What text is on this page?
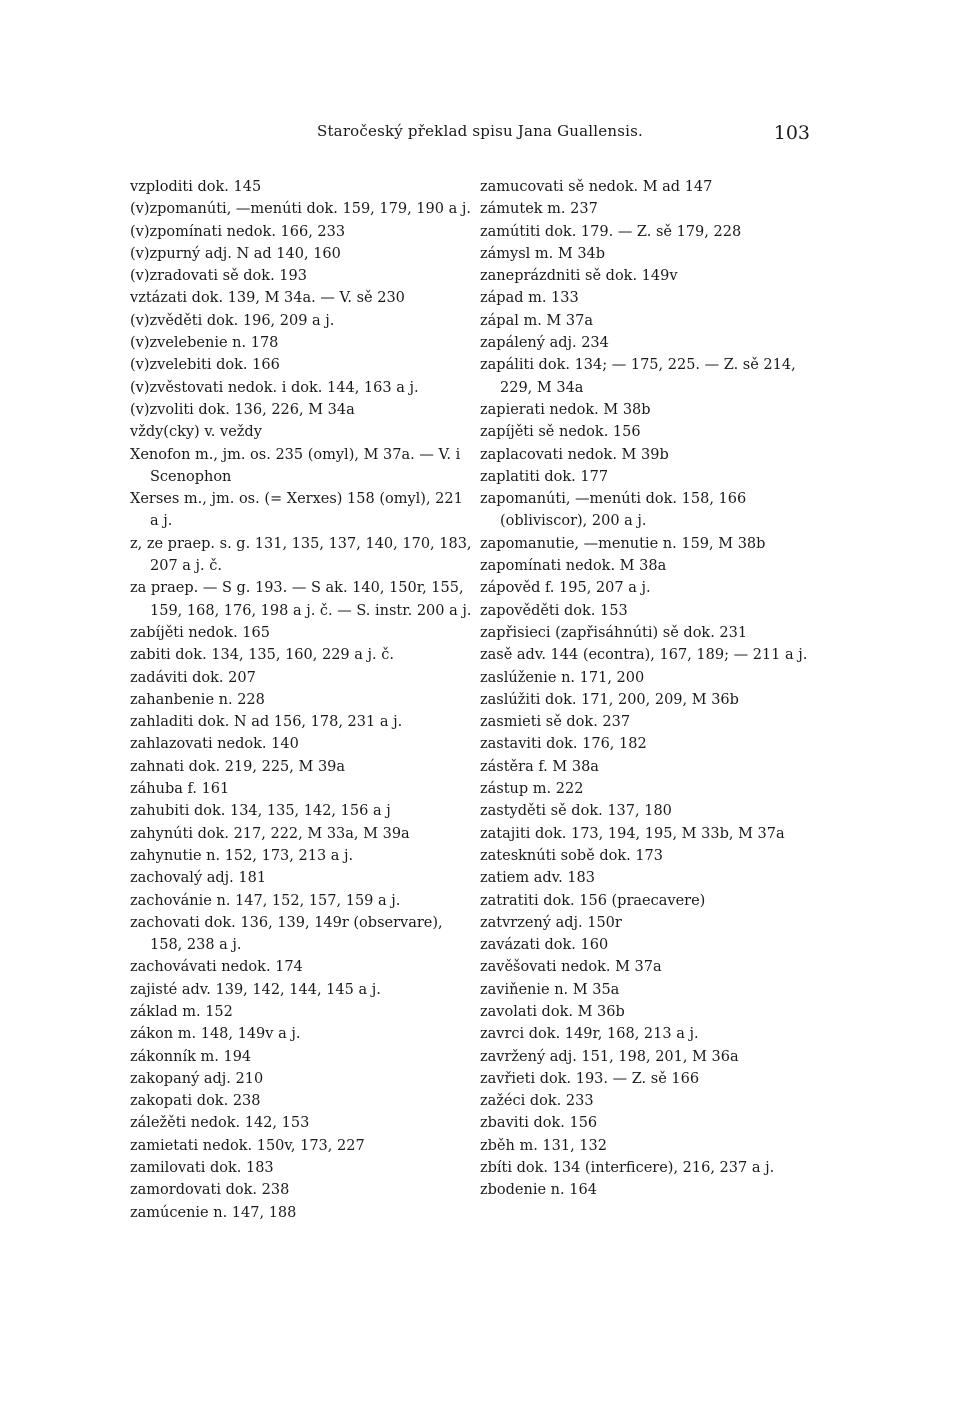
Staročeský překlad spisu Jana Guallensis.	103
vzploditi dok. 145
(v)zpomanúti, —menúti dok. 159, 179, 190 a j.
(v)zpomínati nedok. 166, 233
(v)zpurný adj. N ad 140, 160
(v)zradovati sě dok. 193
vztázati dok. 139, M 34a. — V. sě 230
(v)zvěděti dok. 196, 209 a j.
(v)zvelebenie n. 178
(v)zvelebiti dok. 166
(v)zvěstovati nedok. i dok. 144, 163 a j.
(v)zvoliti dok. 136, 226, M 34a
vždy(cky) v. veždy
Xenofon m., jm. os. 235 (omyl), M 37a. — V. i Scenophon
Xerses m., jm. os. (= Xerxes) 158 (omyl), 221 a j.
z, ze praep. s. g. 131, 135, 137, 140, 170, 183, 207 a j. č.
za praep. — S g. 193. — S ak. 140, 150r, 155, 159, 168, 176, 198 a j. č. — S. instr. 200 a j.
zabíjěti nedok. 165
zabiti dok. 134, 135, 160, 229 a j. č.
zadáviti dok. 207
zahanbenie n. 228
zahladiti dok. N ad 156, 178, 231 a j.
zahlazovati nedok. 140
zahnati dok. 219, 225, M 39a
záhuba f. 161
zahubiti dok. 134, 135, 142, 156 a j
zahynúti dok. 217, 222, M 33a, M 39a
zahynutie n. 152, 173, 213 a j.
zachovalý adj. 181
zachovánie n. 147, 152, 157, 159 a j.
zachovati dok. 136, 139, 149r (observare), 158, 238 a j.
zachovávati nedok. 174
zajisté adv. 139, 142, 144, 145 a j.
základ m. 152
zákon m. 148, 149v a j.
zákonník m. 194
zakopaný adj. 210
zakopati dok. 238
záležěti nedok. 142, 153
zamietati nedok. 150v, 173, 227
zamilovati dok. 183
zamordovati dok. 238
zamúcenie n. 147, 188
zamucovati sě nedok. M ad 147
zámutek m. 237
zamútiti dok. 179. — Z. sě 179, 228
zámysl m. M 34b
zaneprázdniti sě dok. 149v
západ m. 133
zápal m. M 37a
zapálený adj. 234
zapáliti dok. 134; — 175, 225. — Z. sě 214, 229, M 34a
zapierati nedok. M 38b
zapíjěti sě nedok. 156
zaplacovati nedok. M 39b
zaplatiti dok. 177
zapomanúti, —menúti dok. 158, 166 (obliviscor), 200 a j.
zapomanutie, —menutie n. 159, M 38b
zapomínati nedok. M 38a
zápověd f. 195, 207 a j.
zapověděti dok. 153
zapřisieci (zapřisáhnúti) sě dok. 231
zasě adv. 144 (econtra), 167, 189; — 211 a j.
zaslúženie n. 171, 200
zaslúžiti dok. 171, 200, 209, M 36b
zasmieti sě dok. 237
zastaviti dok. 176, 182
zástěra f. M 38a
zástup m. 222
zastyděti sě dok. 137, 180
zatajiti dok. 173, 194, 195, M 33b, M 37a
zatesknúti sobě dok. 173
zatiem adv. 183
zatratiti dok. 156 (praecavere)
zatvrzený adj. 150r
zavázati dok. 160
zavěšovati nedok. M 37a
zaviňenie n. M 35a
zavolati dok. M 36b
zavrci dok. 149r, 168, 213 a j.
zavržený adj. 151, 198, 201, M 36a
zavřieti dok. 193. — Z. sě 166
zažéci dok. 233
zbaviti dok. 156
zběh m. 131, 132
zbíti dok. 134 (interficere), 216, 237 a j.
zbodenie n. 164
